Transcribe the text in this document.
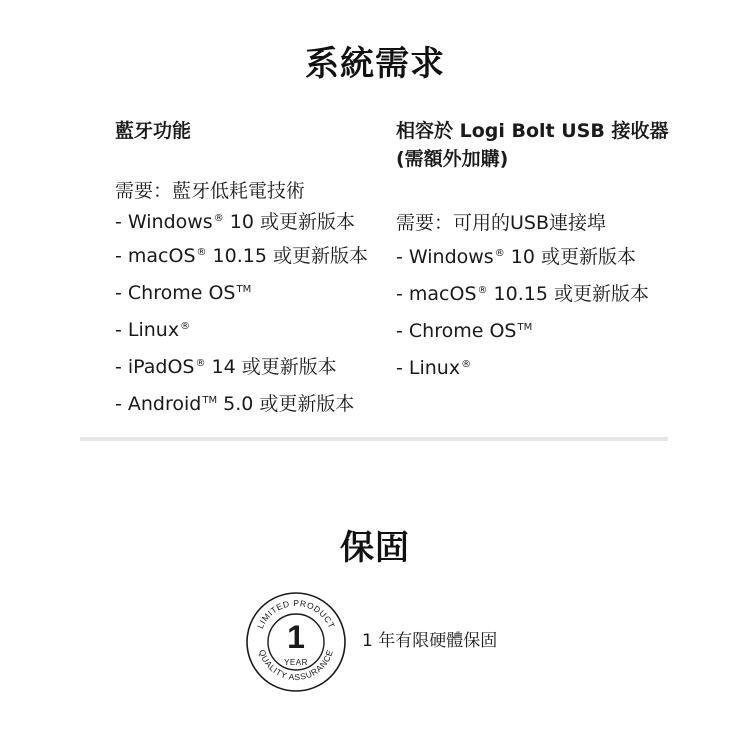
系統需求
藍牙功能
需要：藍牙低耗電技術
- Windows® 10 或更新版本
- macOS® 10.15 或更新版本
- Chrome OS™
- Linux®
- iPadOS® 14 或更新版本
- Android™ 5.0 或更新版本
相容於 Logi Bolt USB 接收器
(需額外加購)
需要：可用的USB連接埠
- Windows® 10 或更新版本
- macOS® 10.15 或更新版本
- Chrome OS™
- Linux®
保固
LIMITED PRODUCT
QUALITY ASSURANCE
1
YEAR
1 年有限硬體保固
